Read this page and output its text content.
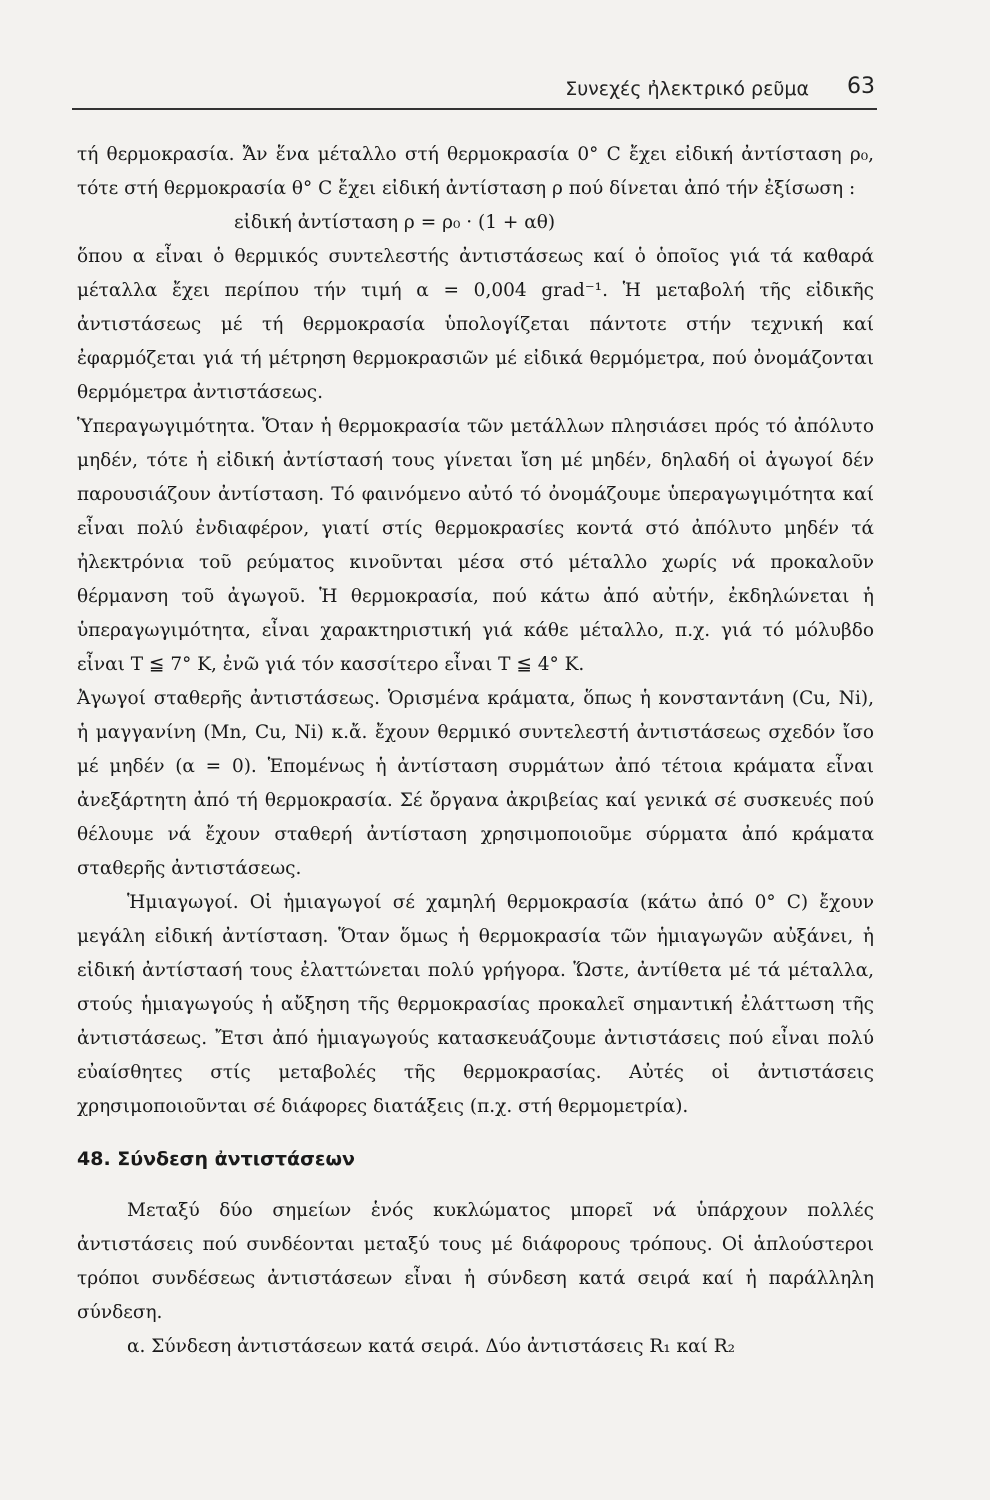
Συνεχές ἠλεκτρικό ρεῦμα 63

τή θερμοκρασία. Ἄν ἕνα μέταλλο στή θερμοκρασία 0° C ἔχει εἰδική ἀντίσταση ρ₀, τότε στή θερμοκρασία θ° C ἔχει εἰδική ἀντίσταση ρ πού δίνεται ἀπό τήν ἐξίσωση :

εἰδική ἀντίσταση ρ = ρ₀ · (1 + αθ)

ὅπου α εἶναι ὁ θερμικός συντελεστής ἀντιστάσεως καί ὁ ὁποῖος γιά τά καθαρά μέταλλα ἔχει περίπου τήν τιμή α = 0,004 grad⁻¹. Ἡ μεταβολή τῆς εἰδικῆς ἀντιστάσεως μέ τή θερμοκρασία ὑπολογίζεται πάντοτε στήν τεχνική καί ἐφαρμόζεται γιά τή μέτρηση θερμοκρασιῶν μέ εἰδικά θερμόμετρα, πού ὀνομάζονται θερμόμετρα ἀντιστάσεως.

Ὑπεραγωγιμότητα. Ὅταν ἡ θερμοκρασία τῶν μετάλλων πλησιάσει πρός τό ἀπόλυτο μηδέν, τότε ἡ εἰδική ἀντίστασή τους γίνεται ἴση μέ μηδέν, δηλαδή οἱ ἀγωγοί δέν παρουσιάζουν ἀντίσταση. Τό φαινόμενο αὐτό τό ὀνομάζουμε ὑπεραγωγιμότητα καί εἶναι πολύ ἐνδιαφέρον, γιατί στίς θερμοκρασίες κοντά στό ἀπόλυτο μηδέν τά ἠλεκτρόνια τοῦ ρεύματος κινοῦνται μέσα στό μέταλλο χωρίς νά προκαλοῦν θέρμανση τοῦ ἀγωγοῦ. Ἡ θερμοκρασία, πού κάτω ἀπό αὐτήν, ἐκδηλώνεται ἡ ὑπεραγωγιμότητα, εἶναι χαρακτηριστική γιά κάθε μέταλλο, π.χ. γιά τό μόλυβδο εἶναι T ≦ 7° K, ἐνῶ γιά τόν κασσίτερο εἶναι T ≦ 4° K.

Ἀγωγοί σταθερῆς ἀντιστάσεως. Ὁρισμένα κράματα, ὅπως ἡ κονσταντάνη (Cu, Ni), ἡ μαγγανίνη (Mn, Cu, Ni) κ.ἄ. ἔχουν θερμικό συντελεστή ἀντιστάσεως σχεδόν ἴσο μέ μηδέν (α = 0). Ἑπομένως ἡ ἀντίσταση συρμάτων ἀπό τέτοια κράματα εἶναι ἀνεξάρτητη ἀπό τή θερμοκρασία. Σέ ὄργανα ἀκριβείας καί γενικά σέ συσκευές πού θέλουμε νά ἔχουν σταθερή ἀντίσταση χρησιμοποιοῦμε σύρματα ἀπό κράματα σταθερῆς ἀντιστάσεως.

Ἡμιαγωγοί. Οἱ ἡμιαγωγοί σέ χαμηλή θερμοκρασία (κάτω ἀπό 0° C) ἔχουν μεγάλη εἰδική ἀντίσταση. Ὅταν ὅμως ἡ θερμοκρασία τῶν ἡμιαγωγῶν αὐξάνει, ἡ εἰδική ἀντίστασή τους ἐλαττώνεται πολύ γρήγορα. Ὥστε, ἀντίθετα μέ τά μέταλλα, στούς ἡμιαγωγούς ἡ αὔξηση τῆς θερμοκρασίας προκαλεῖ σημαντική ἐλάττωση τῆς ἀντιστάσεως. Ἔτσι ἀπό ἡμιαγωγούς κατασκευάζουμε ἀντιστάσεις πού εἶναι πολύ εὐαίσθητες στίς μεταβολές τῆς θερμοκρασίας. Αὐτές οἱ ἀντιστάσεις χρησιμοποιοῦνται σέ διάφορες διατάξεις (π.χ. στή θερμομετρία).

48. Σύνδεση ἀντιστάσεων

Μεταξύ δύο σημείων ἑνός κυκλώματος μπορεῖ νά ὑπάρχουν πολλές ἀντιστάσεις πού συνδέονται μεταξύ τους μέ διάφορους τρόπους. Οἱ ἁπλούστεροι τρόποι συνδέσεως ἀντιστάσεων εἶναι ἡ σύνδεση κατά σειρά καί ἡ παράλληλη σύνδεση.

α. Σύνδεση ἀντιστάσεων κατά σειρά. Δύο ἀντιστάσεις R₁ καί R₂
